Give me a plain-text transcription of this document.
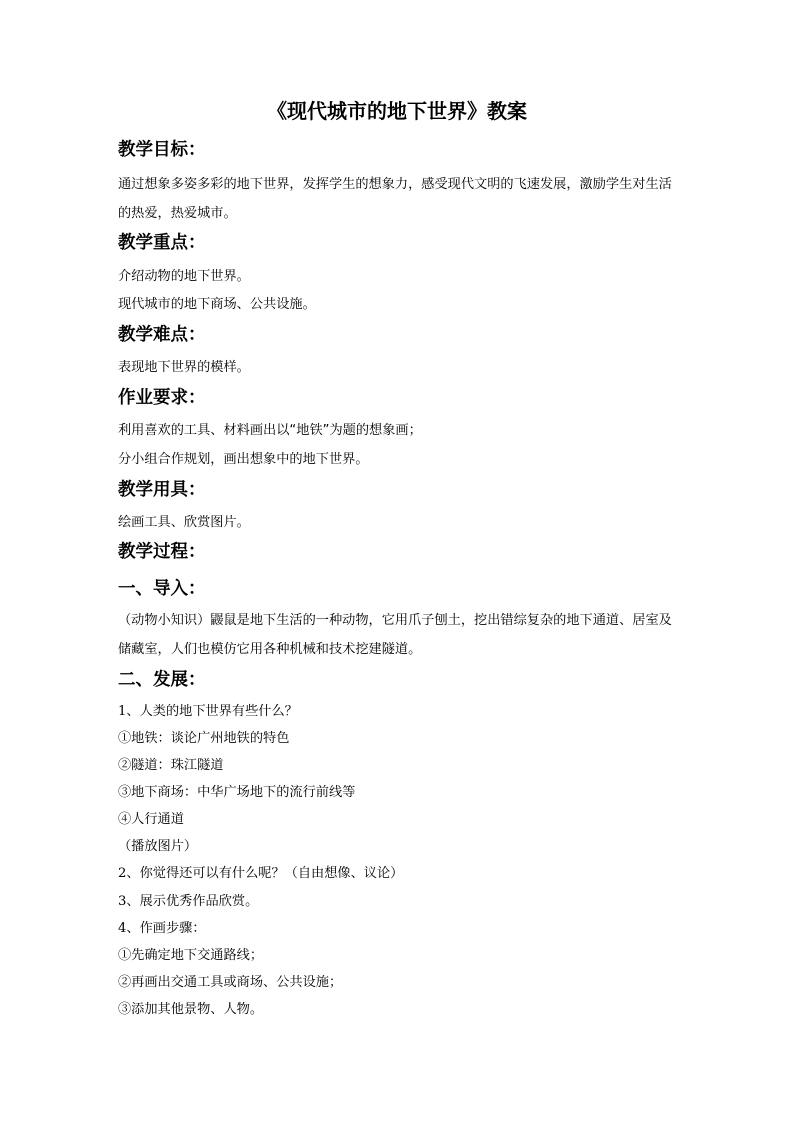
《现代城市的地下世界》教案
教学目标：
通过想象多姿多彩的地下世界，发挥学生的想象力，感受现代文明的飞速发展，激励学生对生活的热爱，热爱城市。
教学重点：
介绍动物的地下世界。
现代城市的地下商场、公共设施。
教学难点：
表现地下世界的模样。
作业要求：
利用喜欢的工具、材料画出以“地铁”为题的想象画；
分小组合作规划，画出想象中的地下世界。
教学用具：
绘画工具、欣赏图片。
教学过程：
一、导入：
（动物小知识）鼹鼠是地下生活的一种动物，它用爪子刨土，挖出错综复杂的地下通道、居室及储藏室，人们也模仿它用各种机械和技术挖建隧道。
二、发展：
1、人类的地下世界有些什么？
①地铁：谈论广州地铁的特色
②隧道：珠江隧道
③地下商场：中华广场地下的流行前线等
④人行通道
（播放图片）
2、你觉得还可以有什么呢？（自由想像、议论）
3、展示优秀作品欣赏。
4、作画步骤：
①先确定地下交通路线；
②再画出交通工具或商场、公共设施；
③添加其他景物、人物。
